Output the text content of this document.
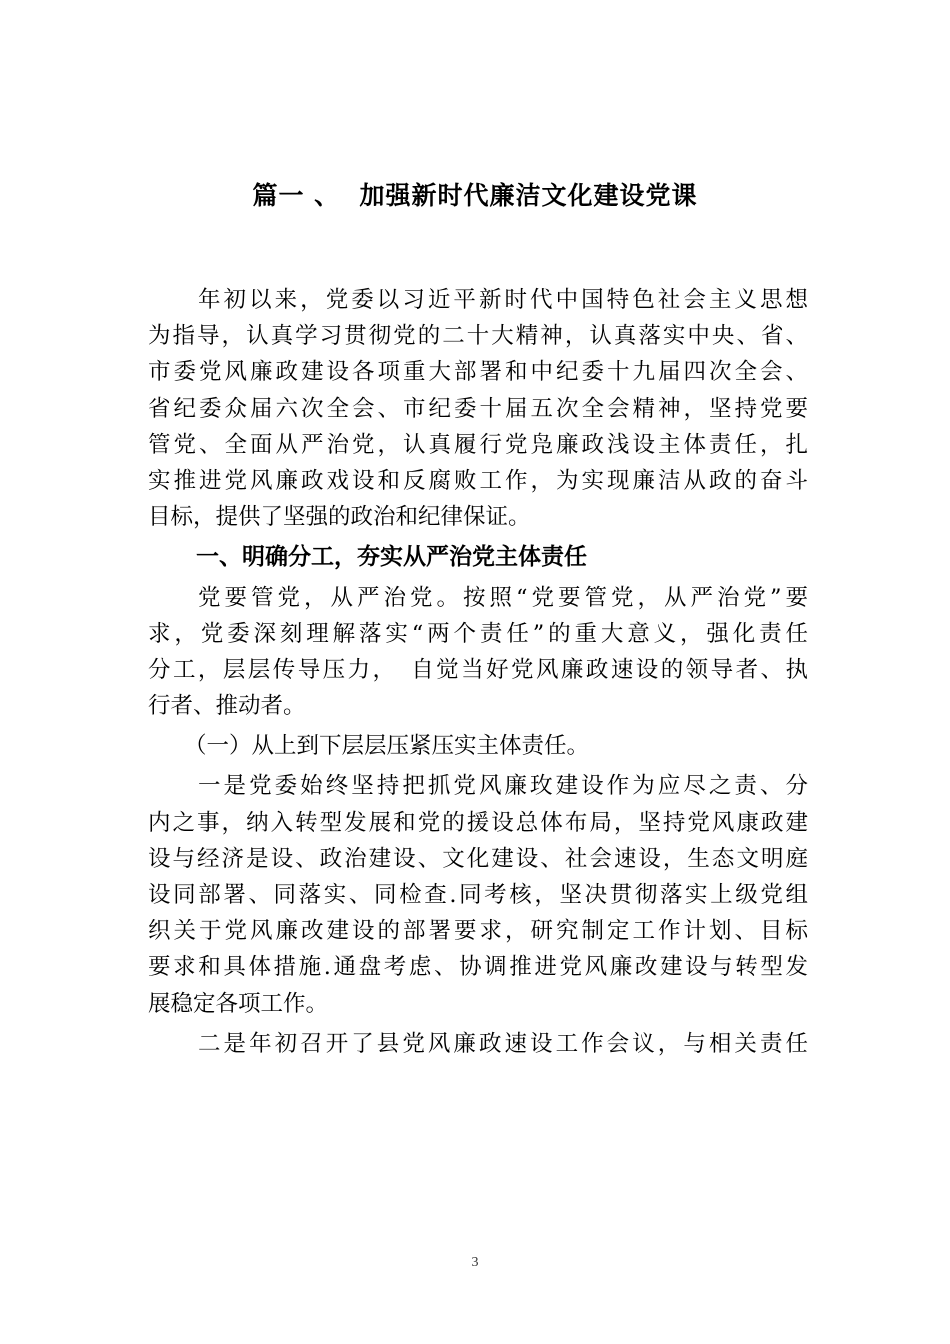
篇一 、  加强新时代廉洁文化建设党课
年初以来，党委以习近平新时代中国特色社会主义思想
为指导，认真学习贯彻党的二十大精神，认真落实中央、省、
市委党风廉政建设各项重大部署和中纪委十九届四次全会、
省纪委众届六次全会、市纪委十届五次全会精神，坚持党要
管党、全面从严治党，认真履行党凫廉政浅设主体责任，扎
实推进党风廉政戏设和反腐败工作，为实现廉洁从政的奋斗
目标，提供了坚强的政治和纪律保证。
一、明确分工，夯实从严治党主体责任
党要管党，从严治党。按照“党要管党，从严治党”要
求，党委深刻理解落实“两个责任”的重大意义，强化责任
分工，层层传导压力，　自觉当好党风廉政速设的领导者、执
行者、推动者。
（一）从上到下层层压紧压实主体责任。
一是党委始终坚持把抓党风廉玫建设作为应尽之责、分
内之事，纳入转型发展和党的援设总体布局，坚持党风康政建
设与经济是设、政治建设、文化建设、社会速设，生态文明庭
设同部署、同落实、同检查.同考核，坚决贯彻落实上级党组
织关于党风廉改建设的部署要求，研究制定工作计划、目标
要求和具体措施.通盘考虑、协调推进党风廉改建设与转型发
展稳定各项工作。
二是年初召开了县党风廉政速设工作会议，与相关责任
3
